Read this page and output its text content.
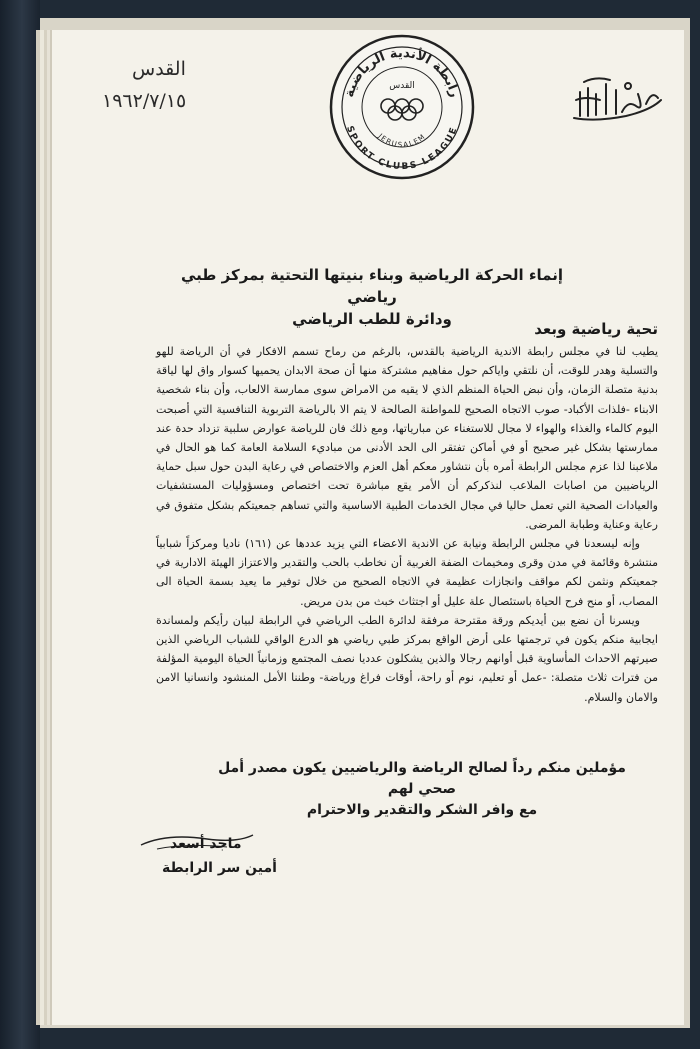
رابطة الأندية الرياضية
SPORT CLUBS LEAGUE
JERUSALEM
القدس
القدس
١٩٦٢/٧/١٥
إنماء الحركة الرياضية وبناء بنيتها التحتية بمركز طبي رياضي
ودائرة للطب الرياضي
تحية رياضية وبعد

يطيب لنا في مجلس رابطة الاندية الرياضية بالقدس، بالرغم من رماح تسمم الافكار في أن الرياضة للهو والتسلية وهدر للوقت، أن نلتقي واياكم حول مفاهيم مشتركة منها أن صحة الابدان يحميها كسوار واق لها لياقة بدنية متصلة الزمان، وأن نبض الحياة المنظم الذي لا يقيه من الامراض سوى ممارسة الالعاب، وأن بناء شخصية الابناء -فلذات الأكباد- صوب الاتجاه الصحيح للمواطنة الصالحة لا يتم الا بالرياضة التربوية التنافسية التي أصبحت اليوم كالماء والغذاء والهواء لا مجال للاستغناء عن مبارياتها، ومع ذلك فان للرياضة عوارض سلبية تزداد حدة عند ممارستها بشكل غير صحيح أو في أماكن تفتقر الى الحد الأدنى من مباديء السلامة العامة كما هو الحال في ملاعبنا لذا عزم مجلس الرابطة أمره بأن نتشاور معكم أهل العزم والاختصاص في رعاية البدن حول سبل حماية الرياضيين من اصابات الملاعب لنذكركم أن الأمر يقع مباشرة تحت اختصاص ومسؤوليات المستشفيات والعيادات الصحية التي تعمل حاليا في مجال الخدمات الطبية الاساسية والتي تساهم جمعيتكم بشكل متفوق في رعاية وعناية وطبابة المرضى.

وإنه ليسعدنا في مجلس الرابطة ونيابة عن الاندية الاعضاء التي يزيد عددها عن (١٦١) ناديا ومركزاً شبابياً منتشرة وقائمة في مدن وقرى ومخيمات الضفة الغربية أن نخاطب بالحب والتقدير والاعتزاز الهيئة الادارية في جمعيتكم ونثمن لكم مواقف وانجازات عظيمة في الاتجاه الصحيح من خلال توفير ما يعيد بسمة الحياة الى المصاب، أو منح فرح الحياة باستئصال علة عليل أو اجتثاث خبث من بدن مريض.

ويسرنا أن نضع بين أيديكم ورقة مقترحة مرفقة لدائرة الطب الرياضي في الرابطة لبيان رأيكم ولمساندة ايجابية منكم يكون في ترجمتها على أرض الواقع بمركز طبي رياضي هو الدرع الواقي للشباب الرياضي الذين صيرتهم الاحداث المأساوية قبل أوانهم رجالا والذين يشكلون عدديا نصف المجتمع وزمانياً الحياة اليومية المؤلفة من فترات ثلاث متصلة: -عمل أو تعليم، نوم أو راحة، أوقات فراغ ورياضة- وطننا الأمل المنشود وانسانيا الامن والامان والسلام.

مؤملين منكم رداً لصالح الرياضة والرياضيين يكون مصدر أمل صحي لهم
مع وافر الشكر والتقدير والاحترام
ماجد أسعد
أمين سر الرابطة
